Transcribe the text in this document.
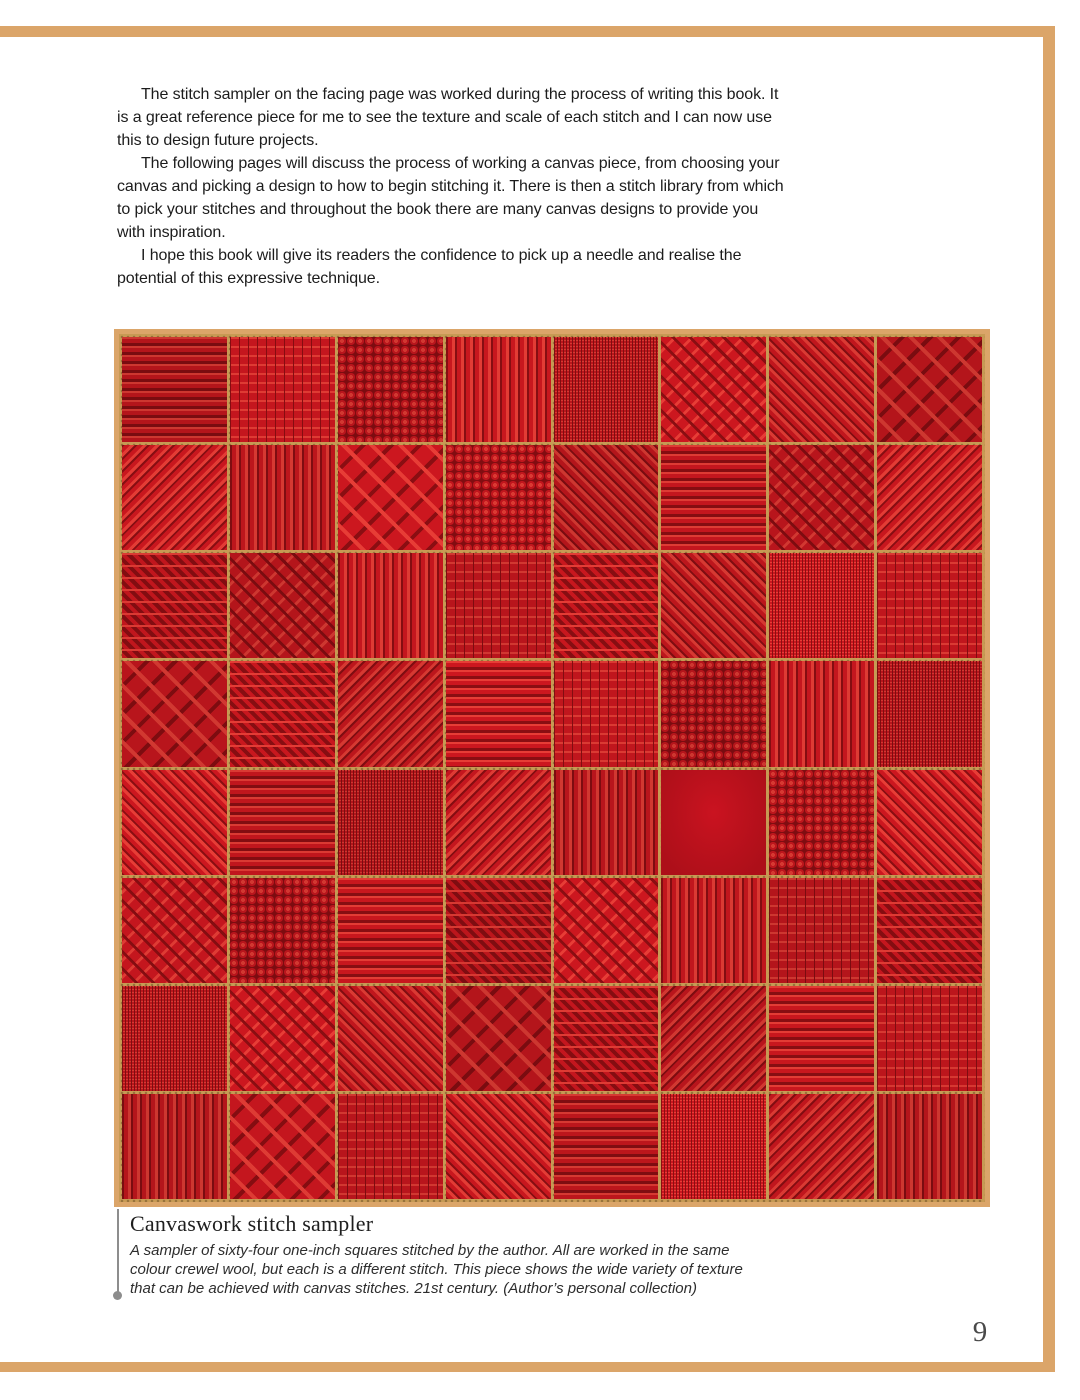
The stitch sampler on the facing page was worked during the process of writing this book. It is a great reference piece for me to see the texture and scale of each stitch and I can now use this to design future projects.

The following pages will discuss the process of working a canvas piece, from choosing your canvas and picking a design to how to begin stitching it. There is then a stitch library from which to pick your stitches and throughout the book there are many canvas designs to provide you with inspiration.

I hope this book will give its readers the confidence to pick up a needle and realise the potential of this expressive technique.

Canvaswork stitch sampler
A sampler of sixty-four one-inch squares stitched by the author. All are worked in the same colour crewel wool, but each is a different stitch. This piece shows the wide variety of texture that can be achieved with canvas stitches. 21st century. (Author’s personal collection)
9
